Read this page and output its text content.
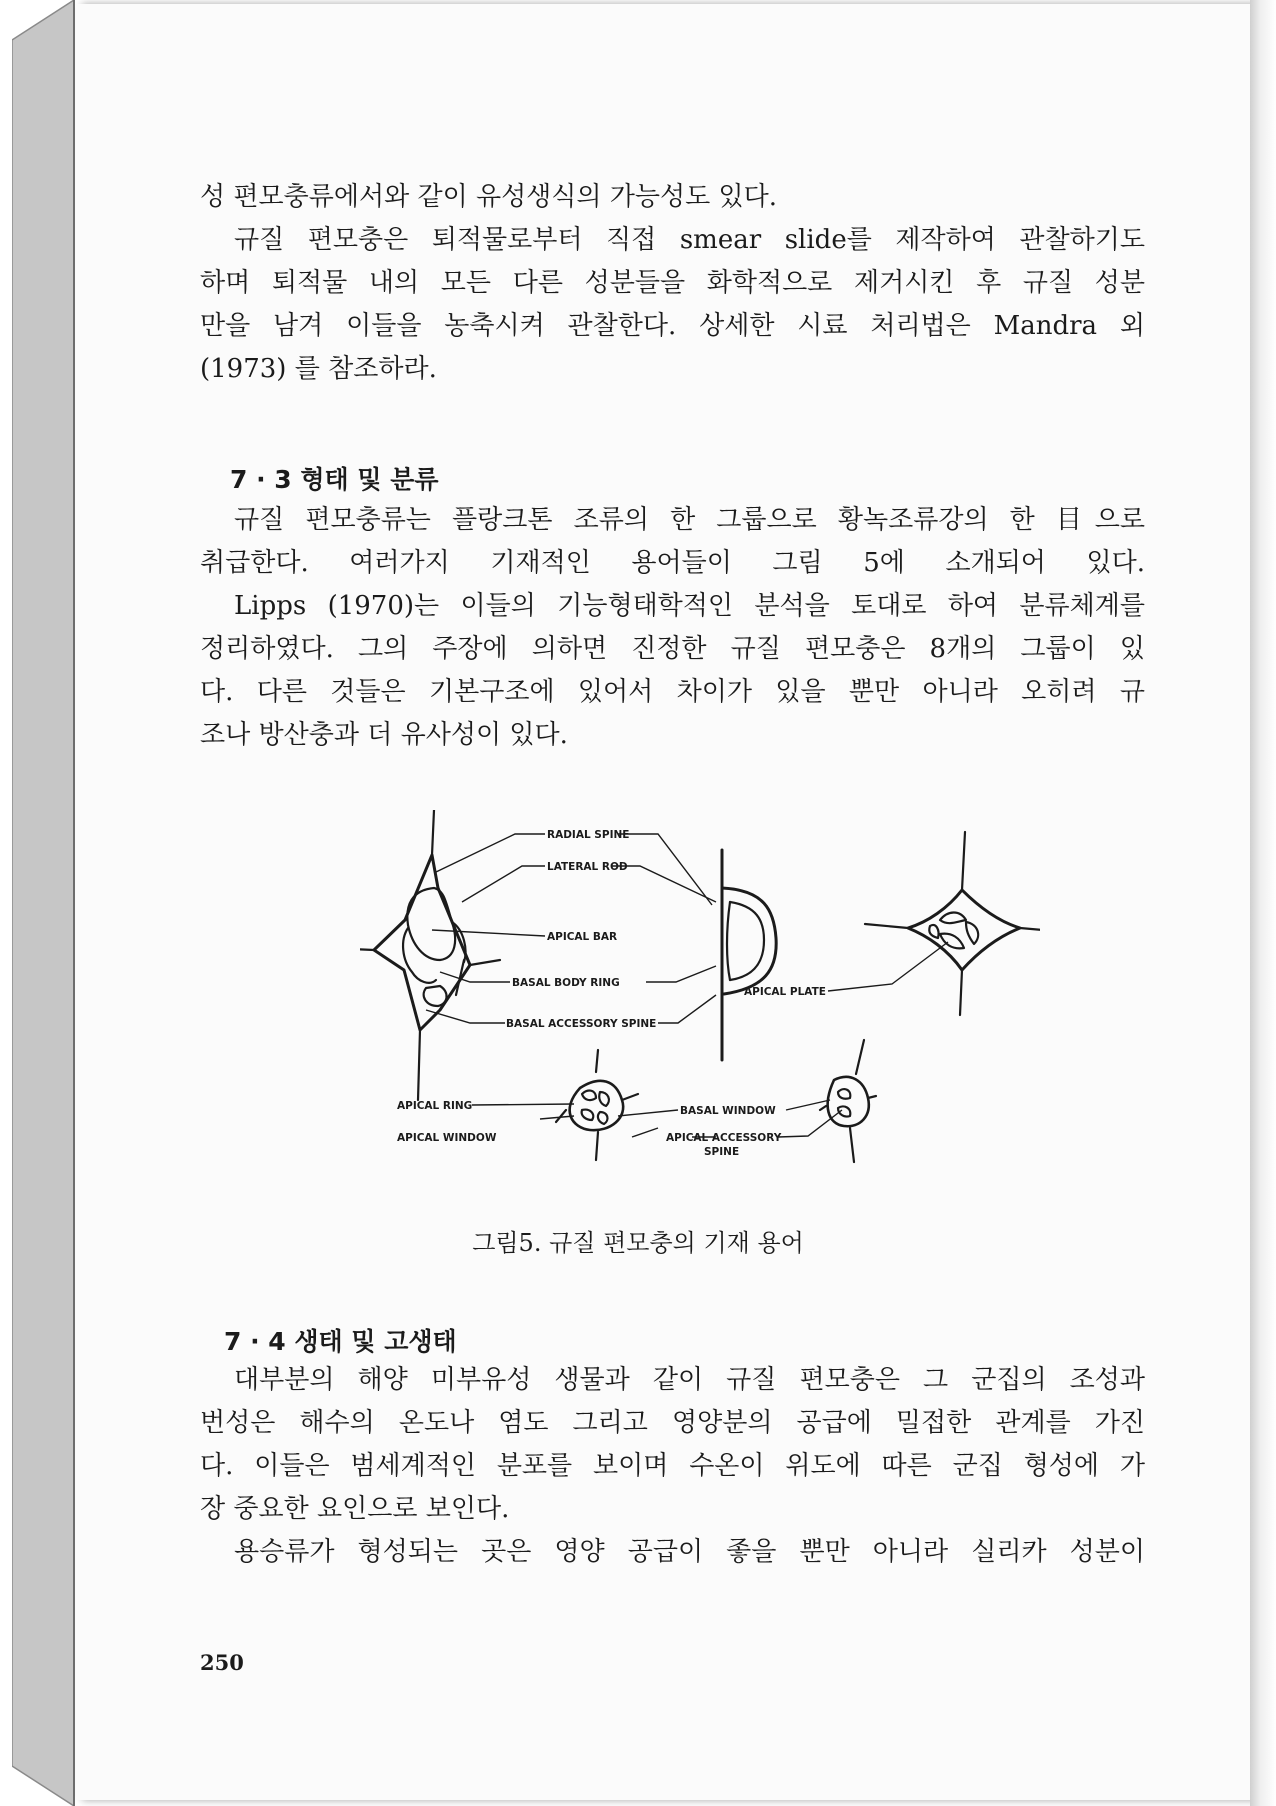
성 편모충류에서와 같이 유성생식의 가능성도 있다.

규질 편모충은 퇴적물로부터 직접 smear slide를 제작하여 관찰하기도

하며 퇴적물 내의 모든 다른 성분들을 화학적으로 제거시킨 후 규질 성분

만을 남겨 이들을 농축시켜 관찰한다. 상세한 시료 처리법은 Mandra 외

(1973) 를 참조하라.

7 · 3 형태 및 분류

규질 편모충류는 플랑크톤 조류의 한 그룹으로 황녹조류강의 한 目으로

취급한다. 여러가지 기재적인 용어들이 그림 5에 소개되어 있다.

Lipps (1970)는 이들의 기능형태학적인 분석을 토대로 하여 분류체계를

정리하였다. 그의 주장에 의하면 진정한 규질 편모충은 8개의 그룹이 있

다. 다른 것들은 기본구조에 있어서 차이가 있을 뿐만 아니라 오히려 규

조나 방산충과 더 유사성이 있다.

RADIAL SPINE
LATERAL ROD
APICAL BAR
BASAL BODY RING
BASAL ACCESSORY SPINE
APICAL PLATE
APICAL RING
APICAL WINDOW
BASAL WINDOW
APICAL ACCESSORY
SPINE
그림5. 규질 편모충의 기재 용어
7 · 4 생태 및 고생태

대부분의 해양 미부유성 생물과 같이 규질 편모충은 그 군집의 조성과

번성은 해수의 온도나 염도 그리고 영양분의 공급에 밀접한 관계를 가진

다. 이들은 범세계적인 분포를 보이며 수온이 위도에 따른 군집 형성에 가

장 중요한 요인으로 보인다.

용승류가 형성되는 곳은 영양 공급이 좋을 뿐만 아니라 실리카 성분이

250
